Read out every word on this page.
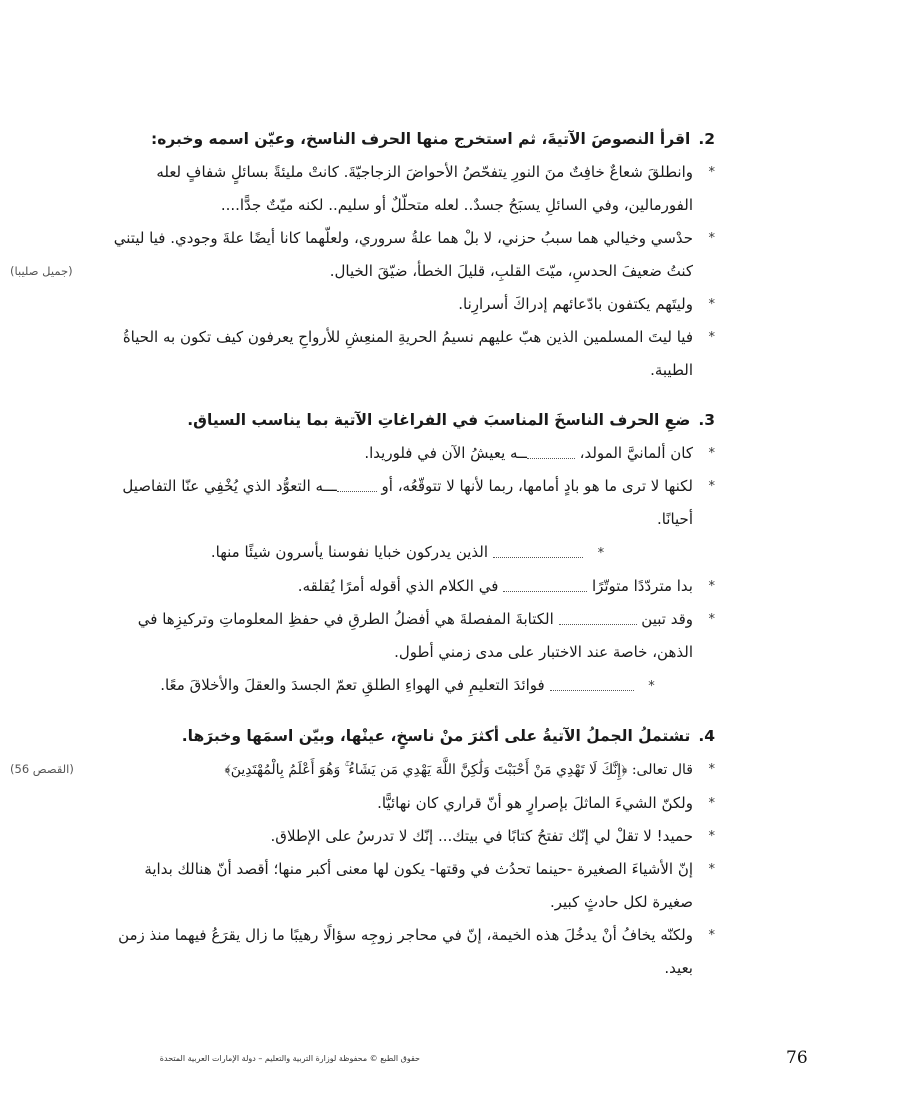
2.
اقرأ النصوصَ الآتيةَ، ثم استخرج منها الحرف الناسخ، وعيّن اسمه وخبره:
*
وانطلقَ شعاعٌ خافِتٌ منَ النورِ يتفحّصُ الأحواضَ الزجاجيّةَ. كانتْ مليئةً بسائلٍ شفافٍ لعله الفورمالين، وفي السائلِ يسبَحُ جسدٌ.. لعله متحلّلٌ أو سليم.. لكنه ميّتٌ جدًّا....
*
(جميل صليبا)
حدْسي وخيالي هما سببُ حزني، لا بلْ هما علةُ سروري، ولعلّهما كانا أيضًا علةَ وجودي. فيا ليتني كنتُ ضعيفَ الحدسِ، ميّتَ القلبِ، قليلَ الخطأ، ضيّقَ الخيال.
*
وليتَهم يكتفون بادّعائهم إدراكَ أسرارِنا.
*
فيا ليتَ المسلمين الذين هبّ عليهم نسيمُ الحريةِ المنعِشِ للأرواحِ يعرفون كيف تكون به الحياةُ الطيبة.
3.
ضعِ الحرف الناسخَ المناسبَ في الفراغاتِ الآتية بما يناسب السياق.
*
كان ألمانيَّ المولد، ــه يعيشُ الآن في فلوريدا.
*
لكنها لا ترى ما هو بادٍ أمامها، ربما لأنها لا تتوقّعُه، أو ـــه التعوُّد الذي يُخْفِي عنّا التفاصيل أحيانًا.
*  الذين يدركون خبايا نفوسنا يأسرون شيئًا منها.
*
بدا متردّدًا متوتّرًا  في الكلام الذي أقوله أمرًا يُقلقه.
*
وقد تبين  الكتابةَ المفصلةَ هي أفضلُ الطرقِ في حفظِ المعلوماتِ وتركيزِها في الذهن، خاصة عند الاختبار على مدى زمني أطول.
*  فوائدَ التعليمِ في الهواءِ الطلقِ تعمّ الجسدَ والعقلَ والأخلاقَ معًا.
4.
تشتملُ الجملُ الآتيةُ على أكثرَ منْ ناسخٍ، عينْها، وبيّن اسمَها وخبرَها.
*
(القصص 56)	قال تعالى: ﴿إِنَّكَ لَا تَهْدِي مَنْ أَحْبَبْتَ وَلَٰكِنَّ اللَّهَ يَهْدِي مَن يَشَاءُ ۚ وَهُوَ أَعْلَمُ بِالْمُهْتَدِينَ﴾
*
ولكنّ الشيءَ الماثلَ بإصرارٍ هو أنّ قراري كان نهائيًّا.
*
حميد! لا تقلْ لي إنّك تفتحُ كتابًا في بيتك... إنّك لا تدرسُ على الإطلاق.
*
إنّ الأشياءَ الصغيرة -حينما تحدُث في وقتها- يكون لها معنى أكبر منها؛ أقصد أنّ هنالك بداية صغيرة لكل حادثٍ كبير.
*
ولكنّه يخافُ أنْ يدخُلَ هذه الخيمة، إنّ في محاجر زوجِه سؤالًا رهيبًا ما زال يقرَعُ فيهما منذ زمن بعيد.
76
حقوق الطبع © محفوظة لوزارة التربية والتعليم – دولة الإمارات العربية المتحدة
